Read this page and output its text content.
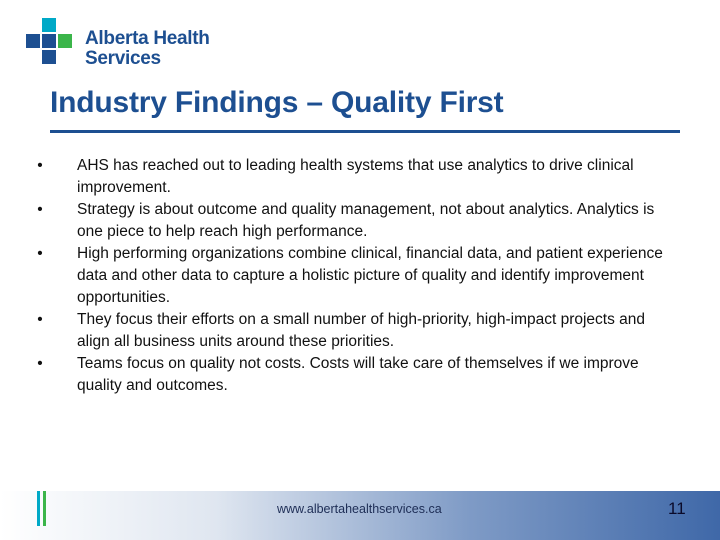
Alberta Health
Services
Industry Findings – Quality First
• AHS has reached out to leading health systems that use analytics to drive clinical improvement.
• Strategy is about outcome and quality management, not about analytics. Analytics is one piece to help reach high performance.
• High performing organizations combine clinical, financial data, and patient experience data and other data to capture a holistic picture of quality and identify improvement opportunities.
• They focus their efforts on a small number of high-priority, high-impact projects and align all business units around these priorities.
• Teams focus on quality not costs. Costs will take care of themselves if we improve quality and outcomes.
www.albertahealthservices.ca	11
